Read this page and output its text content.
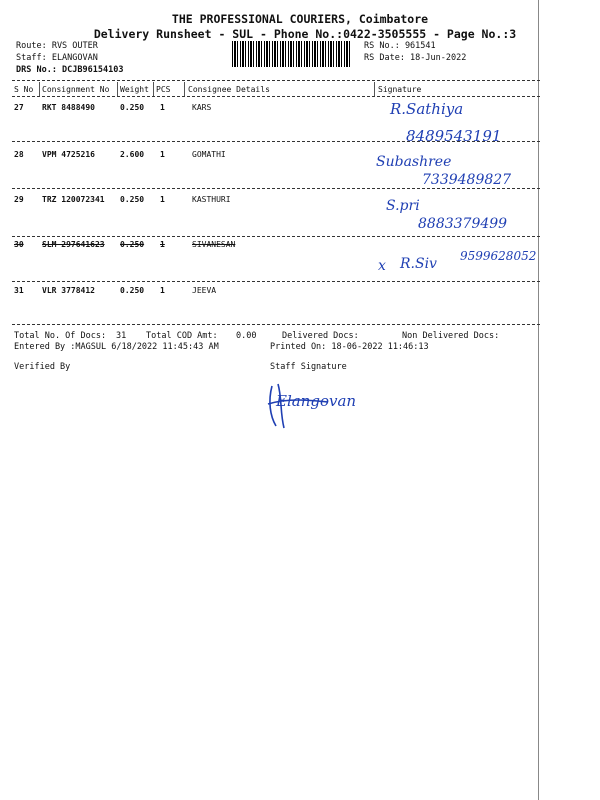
THE PROFESSIONAL COURIERS, Coimbatore
Delivery Runsheet - SUL - Phone No.:0422-3505555 - Page No.:3
Route: RVS OUTER
Staff: ELANGOVAN
DRS No.: DCJB96154103
RS No.: 961541
RS Date: 18-Jun-2022
S No Consignment No Weight PCS Consignee Details	Signature
27 RKT 8488490	0.250 1	KARS	R.Sathiya
8489543191
28 VPM 4725216	2.600 1	GOMATHI	Subashree
7339489827
29 TRZ 120072341 0.250 1	KASTHURI	S.pri
8883379499
30 SLM 297641623 0.250 1	SIVANESAN
x R.Siv 9599628052
31 VLR 3778412	0.250 1	JEEVA
Total No. Of Docs: 31 Total COD Amt: 0.00	Delivered Docs:	Non Delivered Docs:
Entered By :MAGSUL 6/18/2022 11:45:43 AM	Printed On: 18-06-2022 11:46:13
Verified By	Staff Signature
Elangovan
